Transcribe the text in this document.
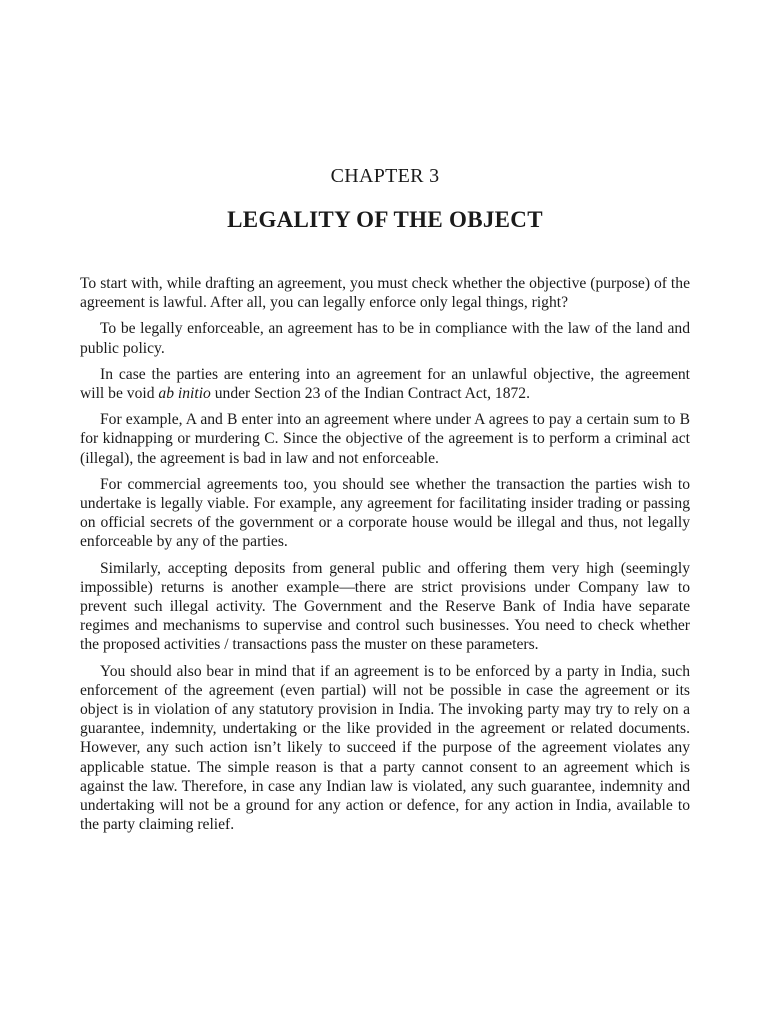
CHAPTER 3
LEGALITY OF THE OBJECT

To start with, while drafting an agreement, you must check whether the objective (purpose) of the agreement is lawful. After all, you can legally enforce only legal things, right?

To be legally enforceable, an agreement has to be in compliance with the law of the land and public policy.

In case the parties are entering into an agreement for an unlawful objective, the agreement will be void ab initio under Section 23 of the Indian Contract Act, 1872.

For example, A and B enter into an agreement where under A agrees to pay a certain sum to B for kidnapping or murdering C. Since the objective of the agreement is to perform a criminal act (illegal), the agreement is bad in law and not enforceable.

For commercial agreements too, you should see whether the transaction the parties wish to undertake is legally viable. For example, any agreement for facilitating insider trading or passing on official secrets of the government or a corporate house would be illegal and thus, not legally enforceable by any of the parties.

Similarly, accepting deposits from general public and offering them very high (seemingly impossible) returns is another example—there are strict provisions under Company law to prevent such illegal activity. The Government and the Reserve Bank of India have separate regimes and mechanisms to supervise and control such businesses. You need to check whether the proposed activities / transactions pass the muster on these parameters.

You should also bear in mind that if an agreement is to be enforced by a party in India, such enforcement of the agreement (even partial) will not be possible in case the agreement or its object is in violation of any statutory provision in India. The invoking party may try to rely on a guarantee, indemnity, undertaking or the like provided in the agreement or related documents. However, any such action isn’t likely to succeed if the purpose of the agreement violates any applicable statue. The simple reason is that a party cannot consent to an agreement which is against the law. Therefore, in case any Indian law is violated, any such guarantee, indemnity and undertaking will not be a ground for any action or defence, for any action in India, available to the party claiming relief.
